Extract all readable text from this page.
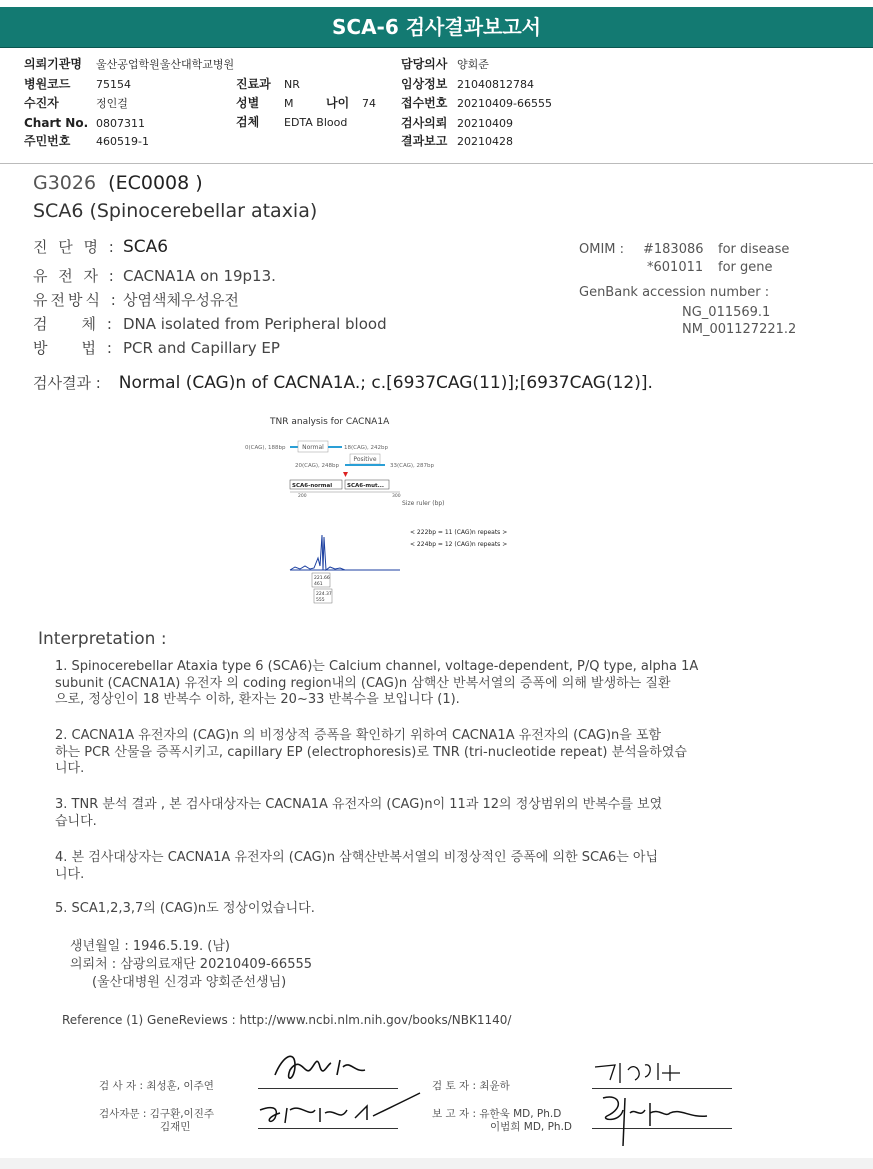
SCA-6 검사결과보고서
의뢰기관명 울산공업학원울산대학교병원
병원코드 75154
수진자	정인걸
Chart No. 0807311
주민번호 460519-1
진료과 NR
성별 M	나이 74
검체 EDTA Blood
담당의사 양회준
임상정보 21040812784
접수번호 20210409-66555
검사의뢰 20210409
결과보고 20210428
G3026 (EC0008 )
SCA6 (Spinocerebellar ataxia)
진 단 명 : SCA6
유 전 자 : CACNA1A on 19p13.
유전방식 : 상염색체우성유전
검    체 : DNA isolated from Peripheral blood
방    법 : PCR and Capillary EP
OMIM : #183086 for disease
*601011 for gene
GenBank accession number :
NG_011569.1
NM_001127221.2
검사결과 : Normal (CAG)n of CACNA1A.; c.[6937CAG(11)];[6937CAG(12)].
TNR analysis for CACNA1A
0(CAG), 188bp	Normal	18(CAG), 242bp
20(CAG), 248bp
Positive
33(CAG), 287bp
SCA6-normal	SCA6-mut...
200	300
Size ruler (bp)
< 222bp = 11 (CAG)n repeats >
< 224bp = 12 (CAG)n repeats >
221.66
461
224.37
555
Interpretation :
1. Spinocerebellar Ataxia type 6 (SCA6)는 Calcium channel, voltage-dependent, P/Q type, alpha 1A
subunit (CACNA1A) 유전자 의 coding region내의 (CAG)n 삼핵산 반복서열의 증폭에 의해 발생하는 질환
으로, 정상인이 18 반복수 이하, 환자는 20~33 반복수을 보입니다 (1).
2. CACNA1A 유전자의 (CAG)n 의 비정상적 증폭을 확인하기 위하여 CACNA1A 유전자의 (CAG)n을 포함
하는 PCR 산물을 증폭시키고, capillary EP (electrophoresis)로 TNR (tri-nucleotide repeat) 분석을하였습
니다.
3. TNR 분석 결과 , 본 검사대상자는 CACNA1A 유전자의 (CAG)n이 11과 12의 정상범위의 반복수를 보였
습니다.
4. 본 검사대상자는 CACNA1A 유전자의 (CAG)n 삼핵산반복서열의 비정상적인 증폭에 의한 SCA6는 아닙
니다.
5. SCA1,2,3,7의 (CAG)n도 정상이었습니다.
생년월일 : 1946.5.19. (남)
의뢰처 : 삼광의료재단 20210409-66555
(울산대병원 신경과 양회준선생님)
Reference (1) GeneReviews : http://www.ncbi.nlm.nih.gov/books/NBK1140/
검 사 자 : 최성훈, 이주연	검 토 자 : 최윤하
검사자문 : 김구환,이진주
김재민
보 고 자 : 유한욱 MD, Ph.D
이범희 MD, Ph.D
